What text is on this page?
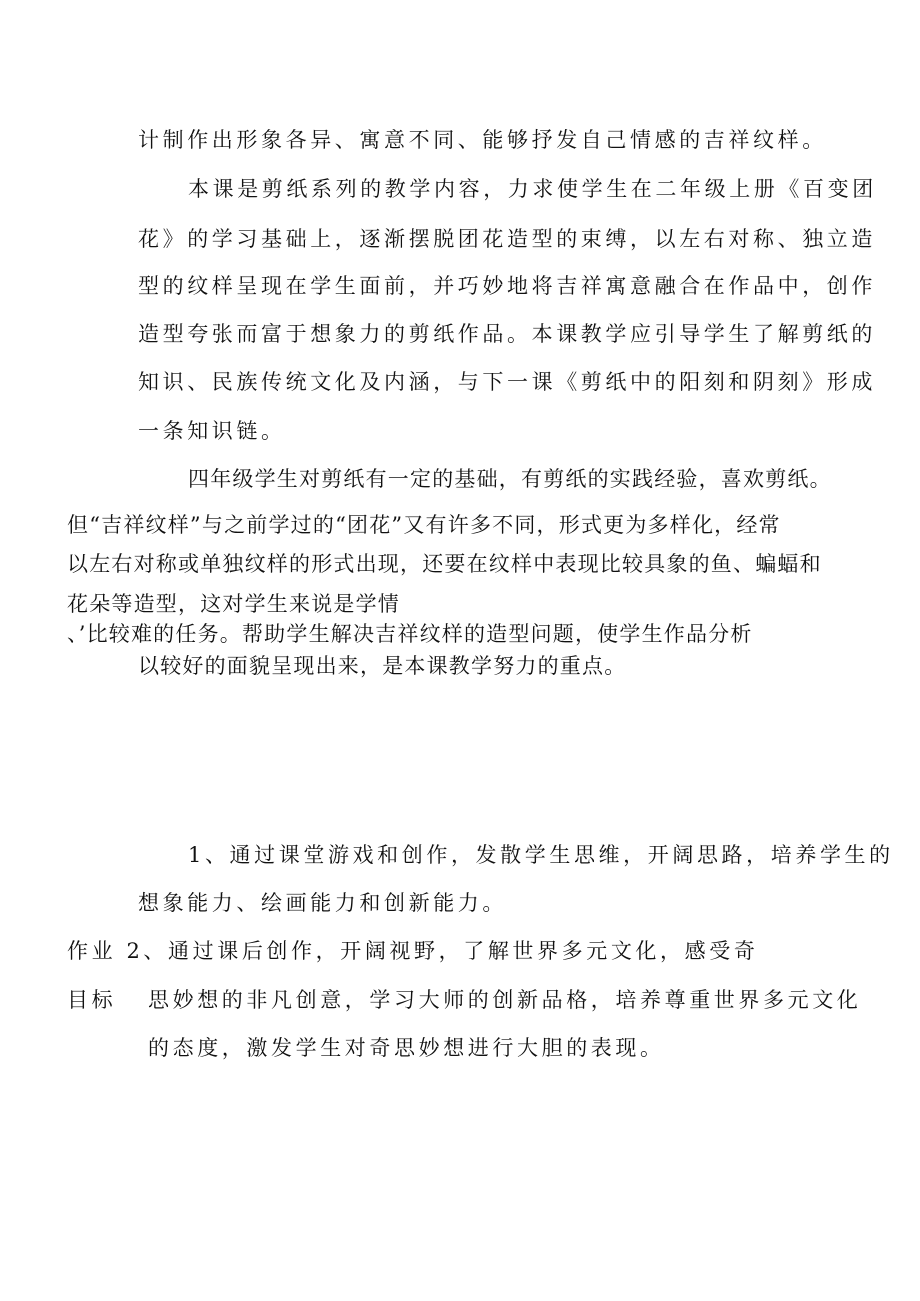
计制作出形象各异、寓意不同、能够抒发自己情感的吉祥纹样。
本课是剪纸系列的教学内容，力求使学生在二年级上册《百变团
花》的学习基础上，逐渐摆脱团花造型的束缚，以左右对称、独立造
型的纹样呈现在学生面前，并巧妙地将吉祥寓意融合在作品中，创作
造型夸张而富于想象力的剪纸作品。本课教学应引导学生了解剪纸的
知识、民族传统文化及内涵，与下一课《剪纸中的阳刻和阴刻》形成
一条知识链。
四年级学生对剪纸有一定的基础，有剪纸的实践经验，喜欢剪纸。
但“吉祥纹样”与之前学过的“团花”又有许多不同，形式更为多样化，经常
以左右对称或单独纹样的形式出现，还要在纹样中表现比较具象的鱼、蝙蝠和
花朵等造型，这对学生来说是学情
、’比较难的任务。帮助学生解决吉祥纹样的造型问题，使学生作品分析
以较好的面貌呈现出来，是本课教学努力的重点。
1、通过课堂游戏和创作，发散学生思维，开阔思路，培养学生的
想象能力、绘画能力和创新能力。
作业 2、通过课后创作，开阔视野，了解世界多元文化，感受奇
目标 思妙想的非凡创意，学习大师的创新品格，培养尊重世界多元文化
的态度，激发学生对奇思妙想进行大胆的表现。
